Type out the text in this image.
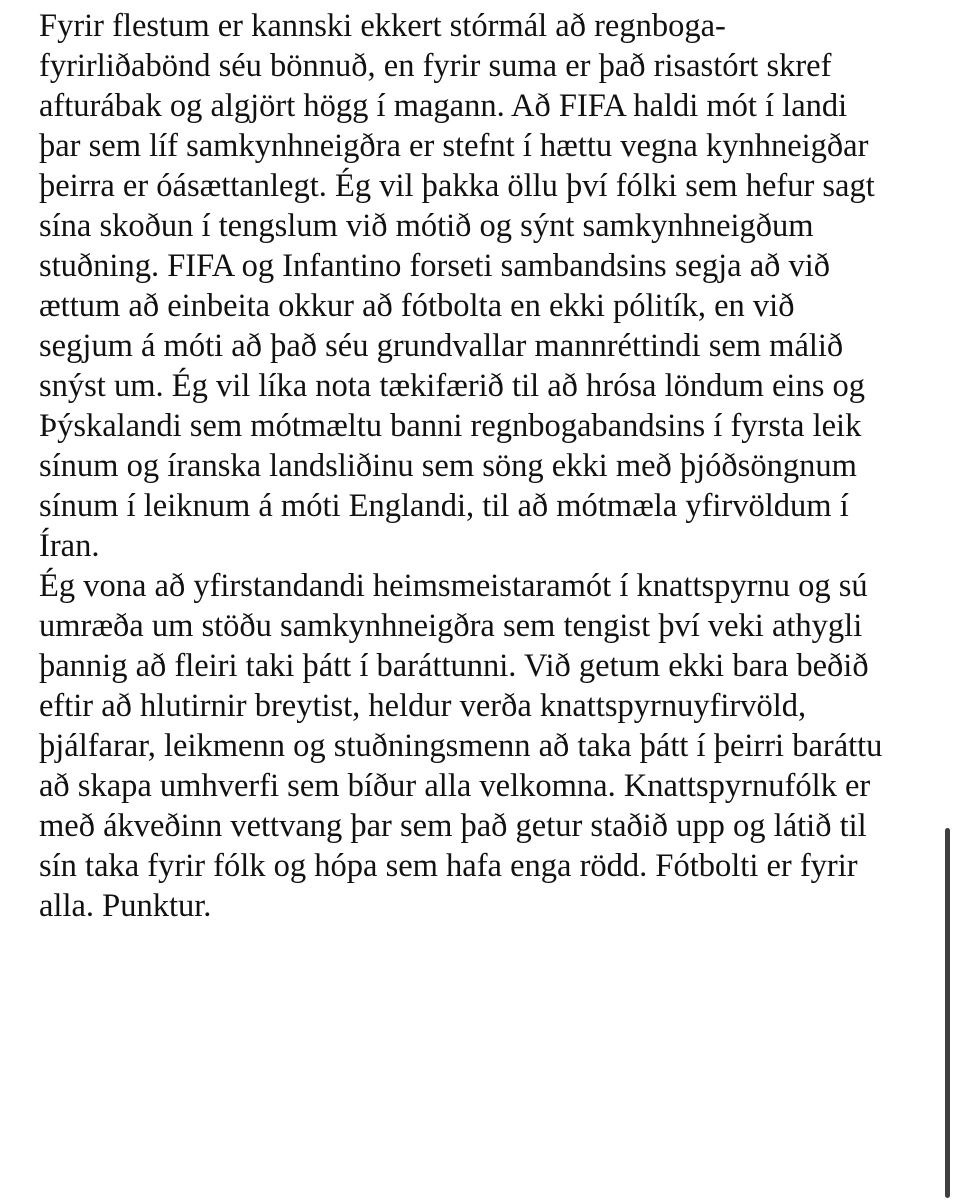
Fyrir flestum er kannski ekkert stórmál að regnboga-
fyrirliðabönd séu bönnuð, en fyrir suma er það risastórt skref
afturábak og algjört högg í magann. Að FIFA haldi mót í landi
þar sem líf samkynhneigðra er stefnt í hættu vegna kynhneigðar
þeirra er óásættanlegt. Ég vil þakka öllu því fólki sem hefur sagt
sína skoðun í tengslum við mótið og sýnt samkynhneigðum
stuðning. FIFA og Infantino forseti sambandsins segja að við
ættum að einbeita okkur að fótbolta en ekki pólitík, en við
segjum á móti að það séu grundvallar mannréttindi sem málið
snýst um. Ég vil líka nota tækifærið til að hrósa löndum eins og
Þýskalandi sem mótmæltu banni regnbogabandsins í fyrsta leik
sínum og íranska landsliðinu sem söng ekki með þjóðsöngnum
sínum í leiknum á móti Englandi, til að mótmæla yfirvöldum í
Íran.

Ég vona að yfirstandandi heimsmeistaramót í knattspyrnu og sú
umræða um stöðu samkynhneigðra sem tengist því veki athygli
þannig að fleiri taki þátt í baráttunni. Við getum ekki bara beðið
eftir að hlutirnir breytist, heldur verða knattspyrnuyfirvöld,
þjálfarar, leikmenn og stuðningsmenn að taka þátt í þeirri baráttu
að skapa umhverfi sem bíður alla velkomna. Knattspyrnufólk er
með ákveðinn vettvang þar sem það getur staðið upp og látið til
sín taka fyrir fólk og hópa sem hafa enga rödd. Fótbolti er fyrir
alla. Punktur.
